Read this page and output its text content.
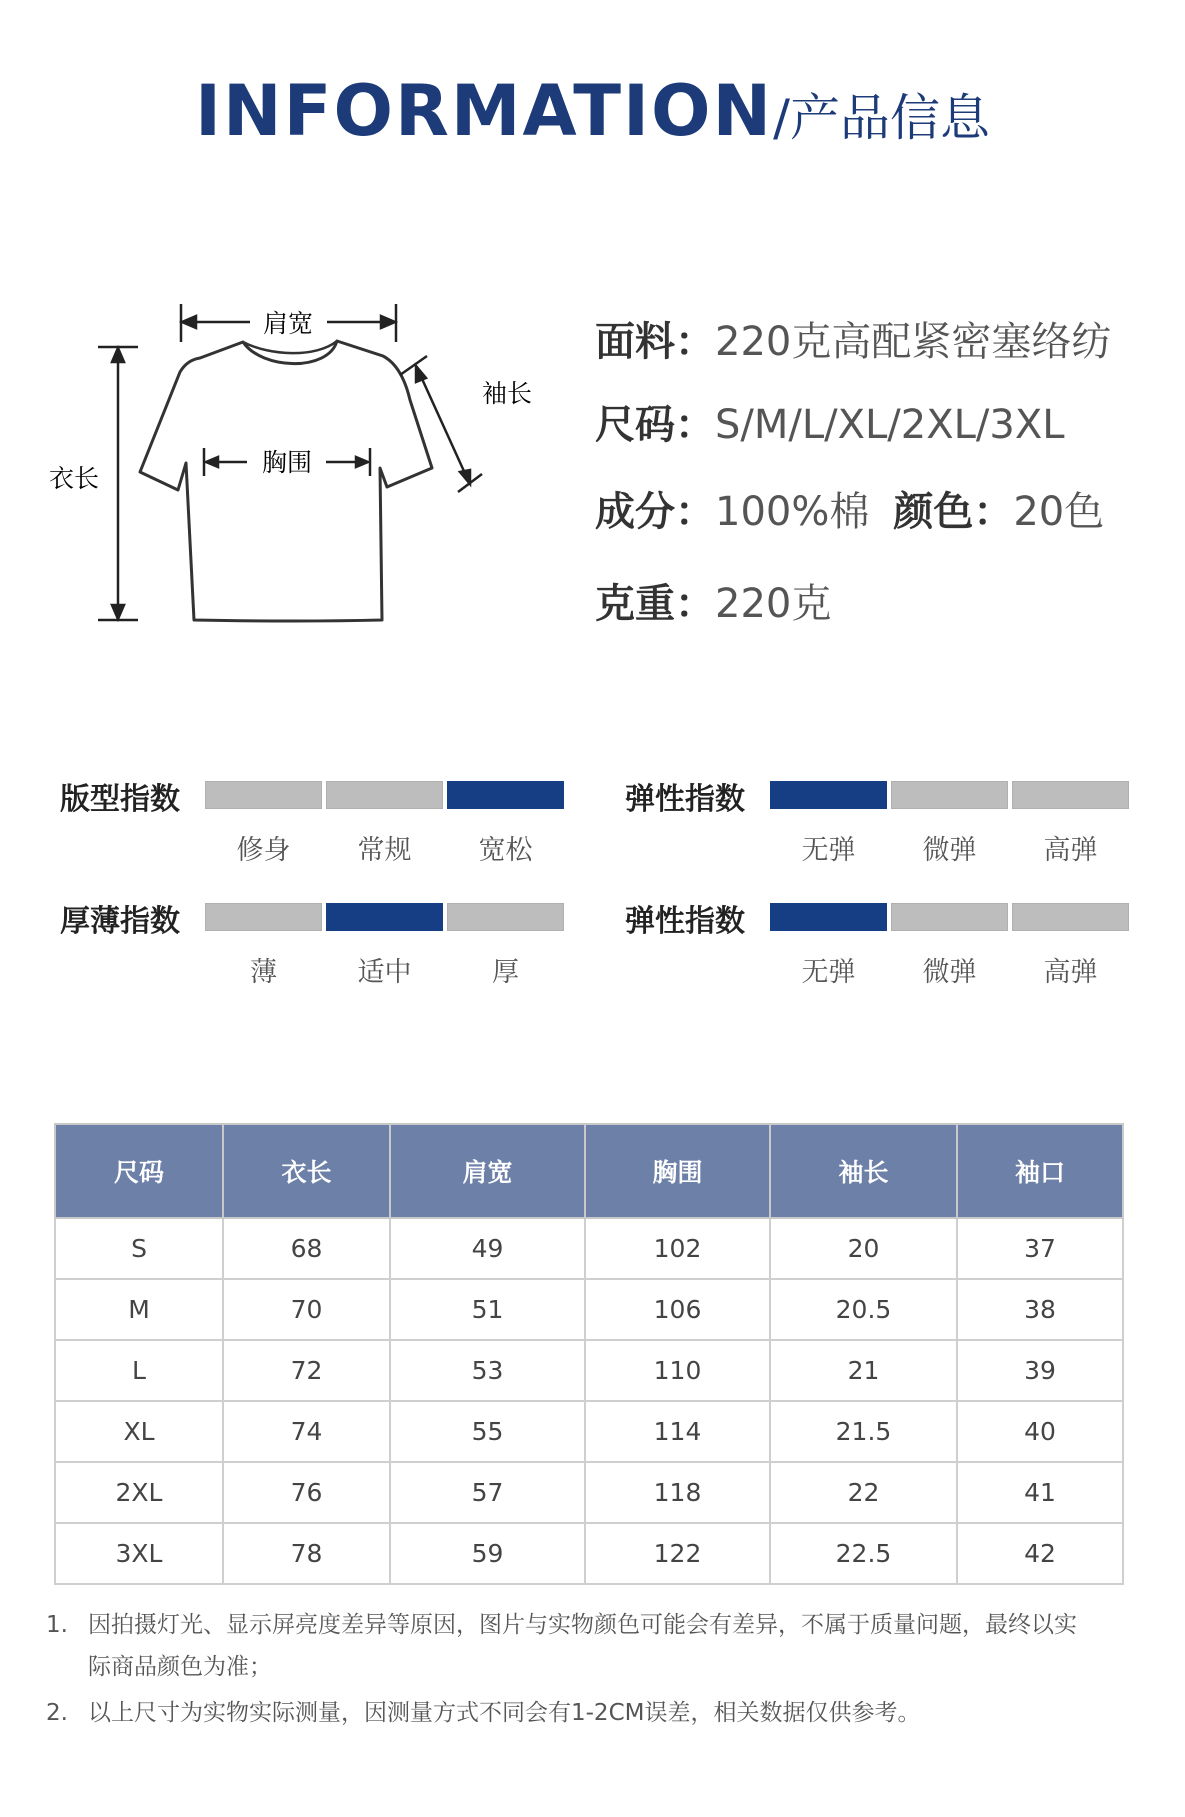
INFORMATION/产品信息
肩宽
袖长
胸围
衣长
面料：220克高配紧密塞络纺
尺码：S/M/L/XL/2XL/3XL
成分：100%棉 颜色：20色
克重：220克
版型指数
修身	常规	宽松
弹性指数
无弹	微弹	高弹
厚薄指数
薄	适中	厚
弹性指数
无弹	微弹	高弹
尺码	衣长	肩宽	胸围	袖长	袖口
S	68	49	102	20	37
M	70	51	106	20.5	38
L	72	53	110	21	39
XL	74	55	114	21.5	40
2XL	76	57	118	22	41
3XL	78	59	122	22.5	42
1. 因拍摄灯光、显示屏亮度差异等原因，图片与实物颜色可能会有差异，不属于质量问题，最终以实
际商品颜色为准；
2. 以上尺寸为实物实际测量，因测量方式不同会有1-2CM误差，相关数据仅供参考。
